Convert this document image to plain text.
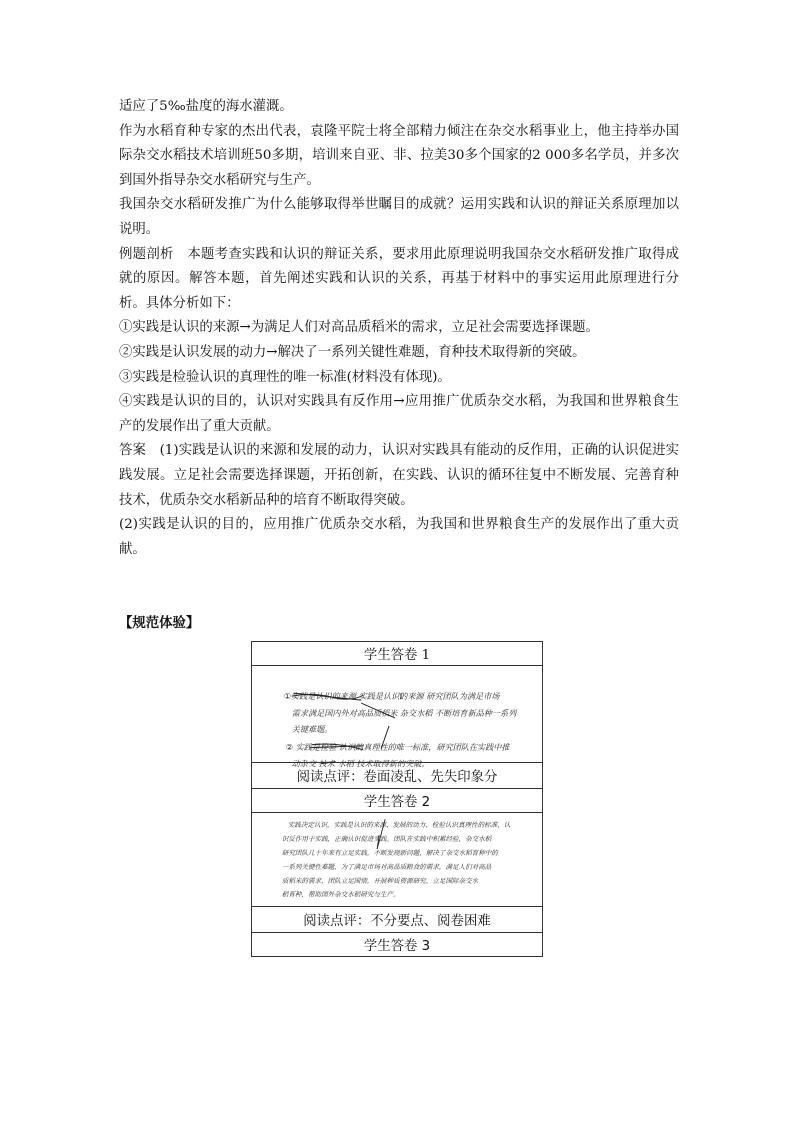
适应了5‰盐度的海水灌溉。

作为水稻育种专家的杰出代表，袁隆平院士将全部精力倾注在杂交水稻事业上，他主持举办国际杂交水稻技术培训班50多期，培训来自亚、非、拉美30多个国家的2 000多名学员，并多次到国外指导杂交水稻研究与生产。

我国杂交水稻研发推广为什么能够取得举世瞩目的成就？运用实践和认识的辩证关系原理加以说明。

例题剖析　本题考查实践和认识的辩证关系，要求用此原理说明我国杂交水稻研发推广取得成就的原因。解答本题，首先阐述实践和认识的关系，再基于材料中的事实运用此原理进行分析。具体分析如下：

①实践是认识的来源→为满足人们对高品质稻米的需求，立足社会需要选择课题。

②实践是认识发展的动力→解决了一系列关键性难题，育种技术取得新的突破。

③实践是检验认识的真理性的唯一标准(材料没有体现)。

④实践是认识的目的，认识对实践具有反作用→应用推广优质杂交水稻，为我国和世界粮食生产的发展作出了重大贡献。

答案　(1)实践是认识的来源和发展的动力，认识对实践具有能动的反作用，正确的认识促进实践发展。立足社会需要选择课题，开拓创新，在实践、认识的循环往复中不断发展、完善育种技术，优质杂交水稻新品种的培育不断取得突破。

(2)实践是认识的目的，应用推广优质杂交水稻，为我国和世界粮食生产的发展作出了重大贡献。

【规范体验】
学生答卷 1

①实践是认识的来源 实践是认识的来源 研究团队为满足市场
需求满足国内外对高品质稻米 杂交水稻 不断培育新品种一系列
关键难题。
② 实践是检验 认识的真理性的唯一标准，研究团队在实践中推
动杂交 技术 水稻 技术取得新的突破。

阅读点评：卷面凌乱、先失印象分
学生答卷 2

实践决定认识，实践是认识的来源、发展的动力、检验认识真理性的标准，认
识反作用于实践，正确认识促进实践。团队在实践中积累经验，杂交水稻
研究团队几十年来有立足实践，不断发现新问题，解决了杂交水稻育种中的
一系列关键性难题，为了满足市场对高品质粮食的需求，满足人们对高品
质稻米的需求，团队立足国情，开展种质资源研究，立足国际杂交水
稻育种，帮助国外杂交水稻研究与生产。

阅读点评：不分要点、阅卷困难
学生答卷 3
